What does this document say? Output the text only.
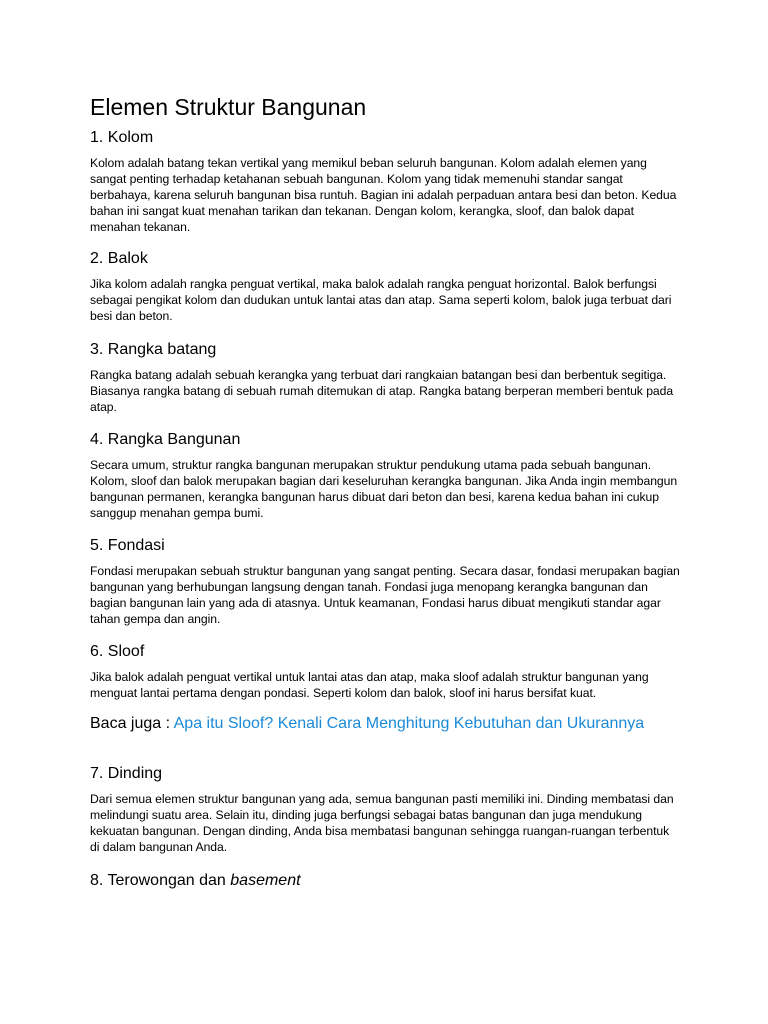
Elemen Struktur Bangunan
1. Kolom

Kolom adalah batang tekan vertikal yang memikul beban seluruh bangunan. Kolom adalah elemen yang sangat penting terhadap ketahanan sebuah bangunan. Kolom yang tidak memenuhi standar sangat berbahaya, karena seluruh bangunan bisa runtuh. Bagian ini adalah perpaduan antara besi dan beton. Kedua bahan ini sangat kuat menahan tarikan dan tekanan. Dengan kolom, kerangka, sloof, dan balok dapat menahan tekanan.

2. Balok

Jika kolom adalah rangka penguat vertikal, maka balok adalah rangka penguat horizontal. Balok berfungsi sebagai pengikat kolom dan dudukan untuk lantai atas dan atap. Sama seperti kolom, balok juga terbuat dari besi dan beton.

3. Rangka batang

Rangka batang adalah sebuah kerangka yang terbuat dari rangkaian batangan besi dan berbentuk segitiga. Biasanya rangka batang di sebuah rumah ditemukan di atap. Rangka batang berperan memberi bentuk pada atap.

4. Rangka Bangunan

Secara umum, struktur rangka bangunan merupakan struktur pendukung utama pada sebuah bangunan. Kolom, sloof dan balok merupakan bagian dari keseluruhan kerangka bangunan. Jika Anda ingin membangun bangunan permanen, kerangka bangunan harus dibuat dari beton dan besi, karena kedua bahan ini cukup sanggup menahan gempa bumi.

5. Fondasi

Fondasi merupakan sebuah struktur bangunan yang sangat penting. Secara dasar, fondasi merupakan bagian bangunan yang berhubungan langsung dengan tanah. Fondasi juga menopang kerangka bangunan dan bagian bangunan lain yang ada di atasnya. Untuk keamanan, Fondasi harus dibuat mengikuti standar agar tahan gempa dan angin.

6. Sloof

Jika balok adalah penguat vertikal untuk lantai atas dan atap, maka sloof adalah struktur bangunan yang menguat lantai pertama dengan pondasi. Seperti kolom dan balok, sloof ini harus bersifat kuat.

Baca juga : Apa itu Sloof? Kenali Cara Menghitung Kebutuhan dan Ukurannya

7. Dinding

Dari semua elemen struktur bangunan yang ada, semua bangunan pasti memiliki ini. Dinding membatasi dan melindungi suatu area. Selain itu, dinding juga berfungsi sebagai batas bangunan dan juga mendukung kekuatan bangunan. Dengan dinding, Anda bisa membatasi bangunan sehingga ruangan-ruangan terbentuk di dalam bangunan Anda.

8. Terowongan dan basement
